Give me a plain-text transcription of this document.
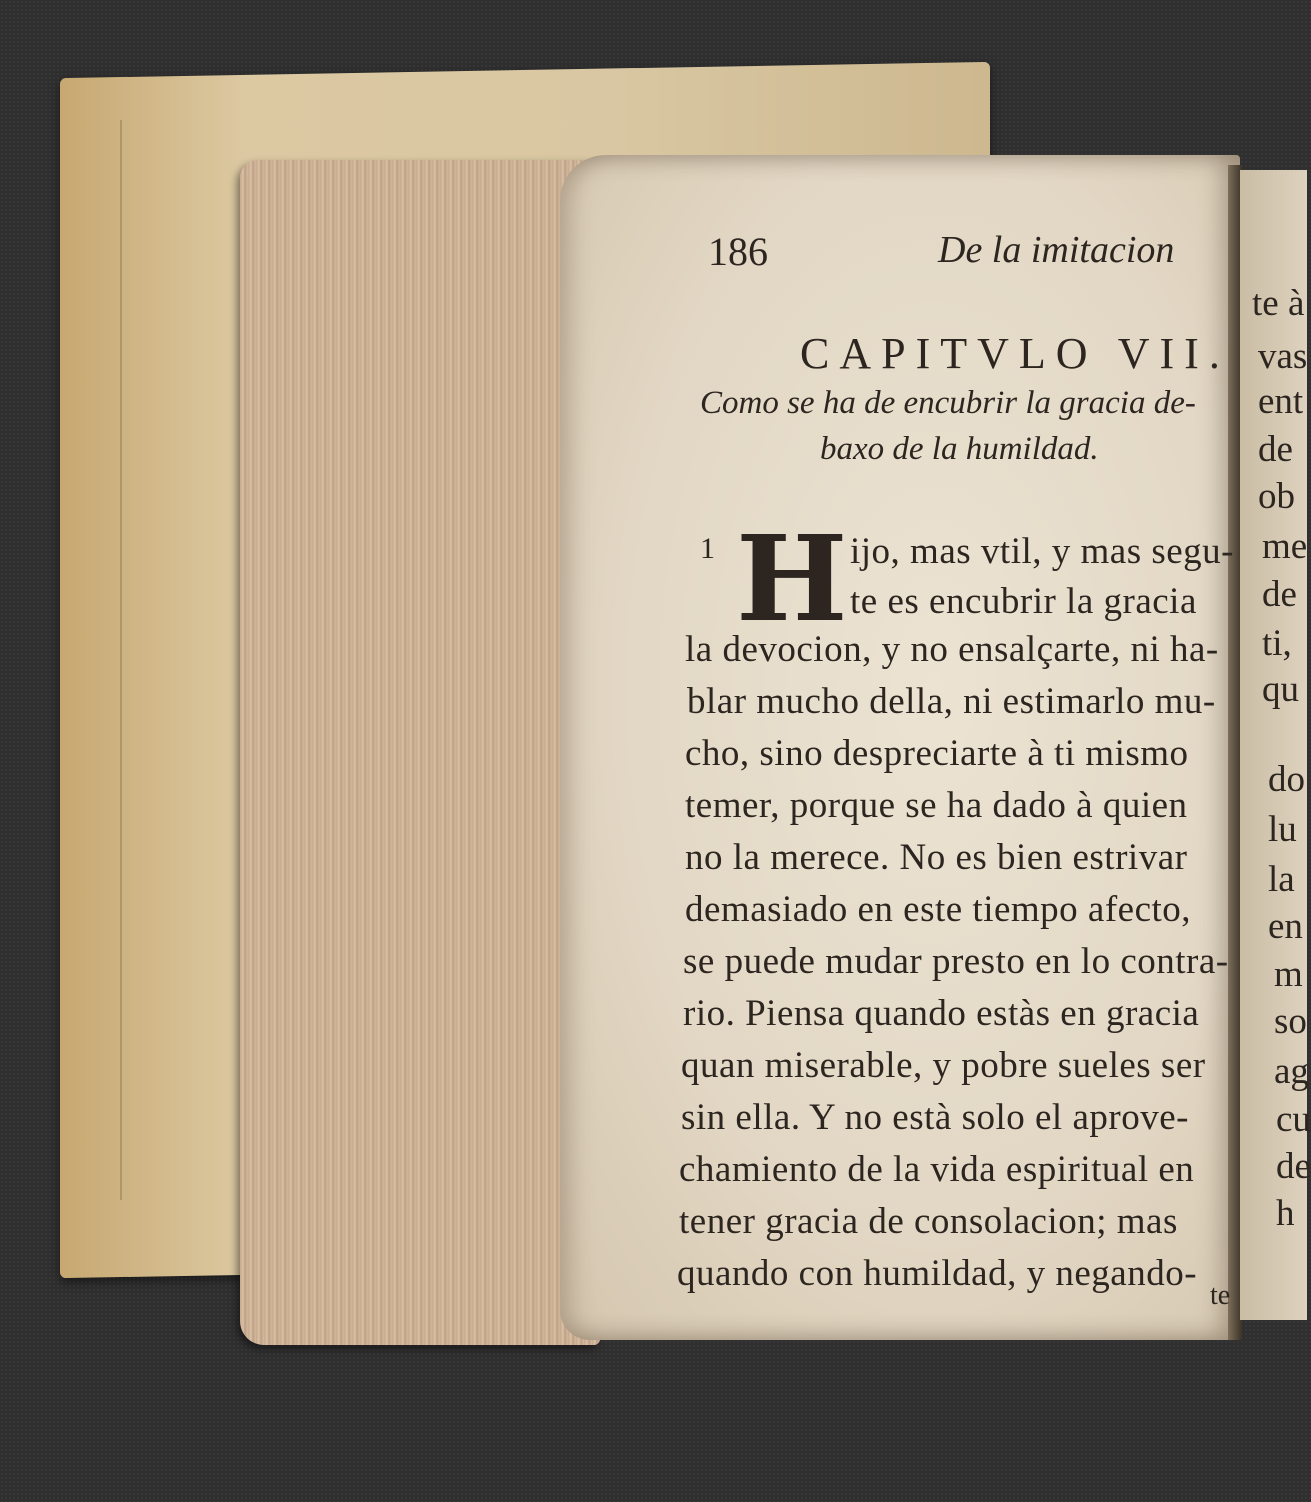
186	De la imitacion
CAPITVLO VII.
Como se ha de encubrir la gracia de-
baxo de la humildad.
1 H ijo, mas vtil, y mas segu-
te es encubrir la gracia
la devocion, y no ensalçarte, ni ha-
blar mucho della, ni estimarlo mu-
cho, sino despreciarte à ti mismo
temer, porque se ha dado à quien
no la merece. No es bien estrivar
demasiado en este tiempo afecto,
se puede mudar presto en lo contra-
rio. Piensa quando estàs en gracia
quan miserable, y pobre sueles ser
sin ella. Y no està solo el aprove-
chamiento de la vida espiritual en
tener gracia de consolacion; mas
quando con humildad, y negando-
te
te à
vas
ent
de
ob
me
de
ti,
qu
do
lu
la
en
m
so
ag
cu
de
h
